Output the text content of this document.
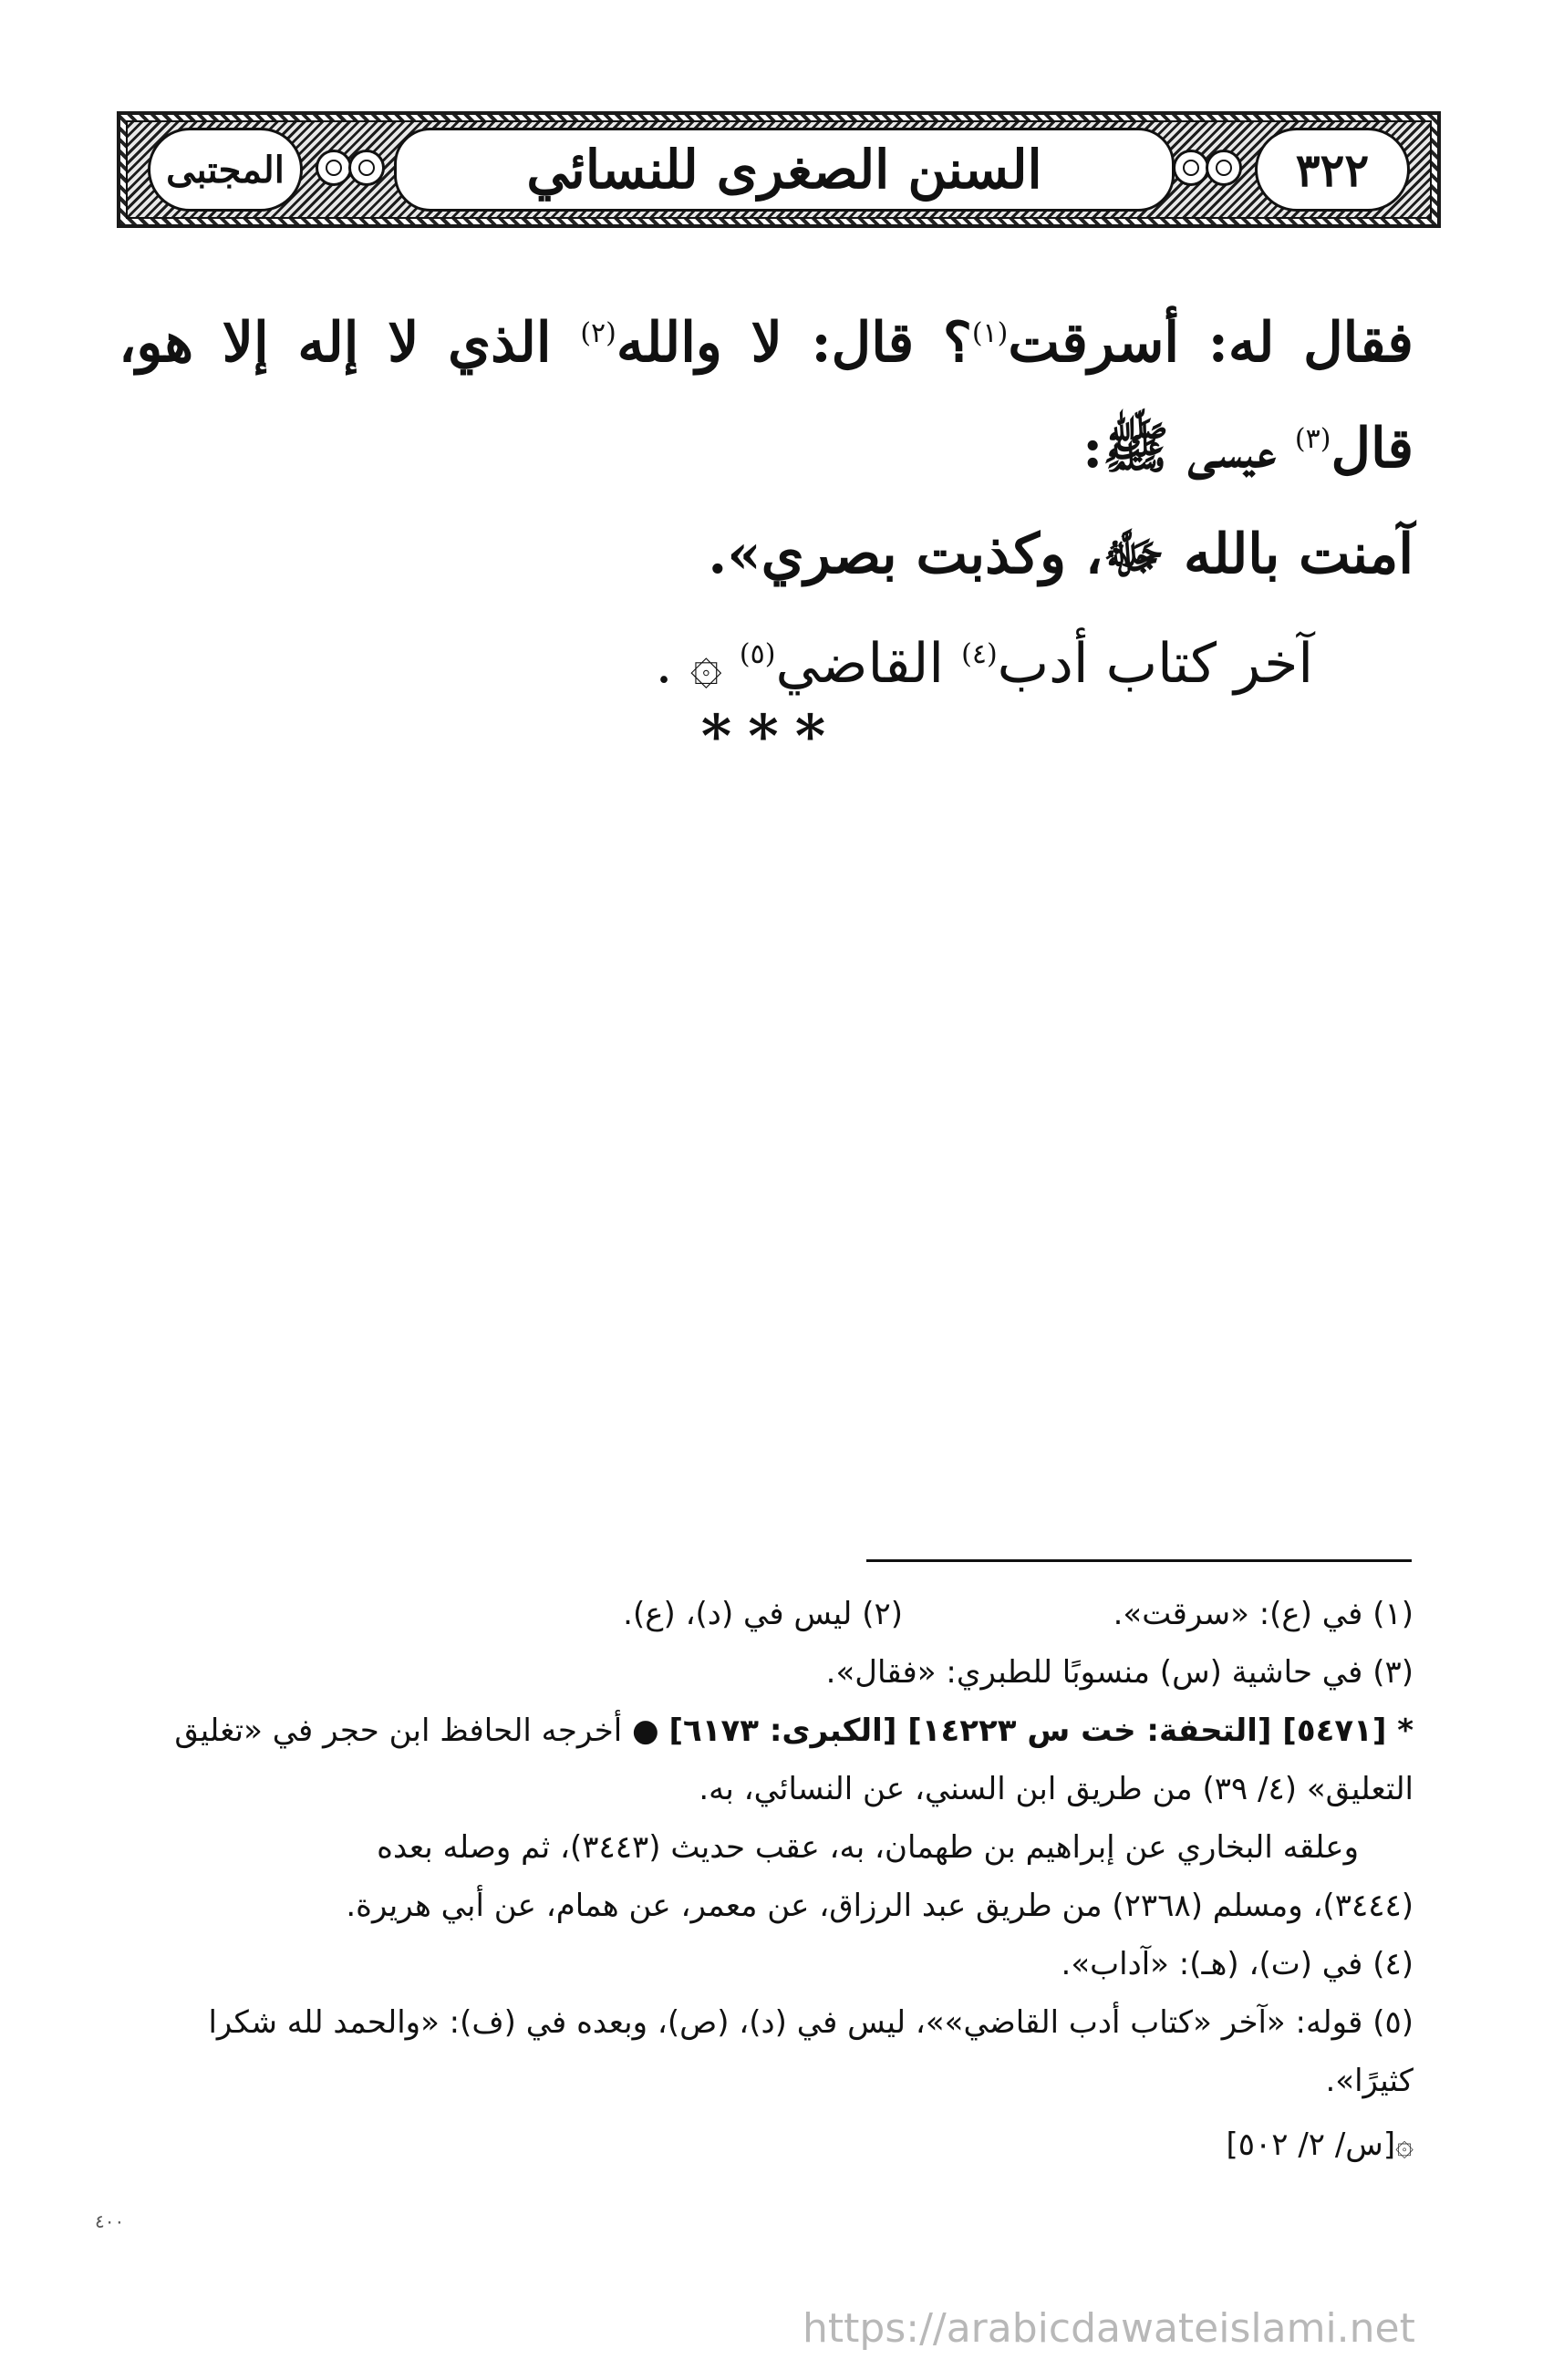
المجتبى	السنن الصغرى للنسائي	٣٢٢

فقال له: أسرقت$^{(١)}$؟ قال: لا والله$^{(٢)}$ الذي لا إله إلا هو، قال$^{(٣)}$ عيسى ﷺ:

آمنت بالله ﷻ، وكذبت بصري».

آخر كتاب أدب$^{(٤)}$ القاضي$^{(٥)}$ ۞ .

***
(١) في (ع): «سرقت».
(٢) ليس في (د)، (ع).

(٣) في حاشية (س) منسوبًا للطبري: «فقال».

* [٥٤٧١] [التحفة: خت س ١٤٢٢٣] [الكبرى: ٦١٧٣] ● أخرجه الحافظ ابن حجر في «تغليق

التعليق» (٤/ ٣٩) من طريق ابن السني، عن النسائي، به.

وعلقه البخاري عن إبراهيم بن طهمان، به، عقب حديث (٣٤٤٣)، ثم وصله بعده

(٣٤٤٤)، ومسلم (٢٣٦٨) من طريق عبد الرزاق، عن معمر، عن همام، عن أبي هريرة.

(٤) في (ت)، (هـ): «آداب».

(٥) قوله: «آخر «كتاب أدب القاضي»»، ليس في (د)، (ص)، وبعده في (ف): «والحمد لله شكرا

كثيرًا».

۞[س/ ٢/ ٥٠٢]

٤٠٠
https://arabicdawateislami.net
